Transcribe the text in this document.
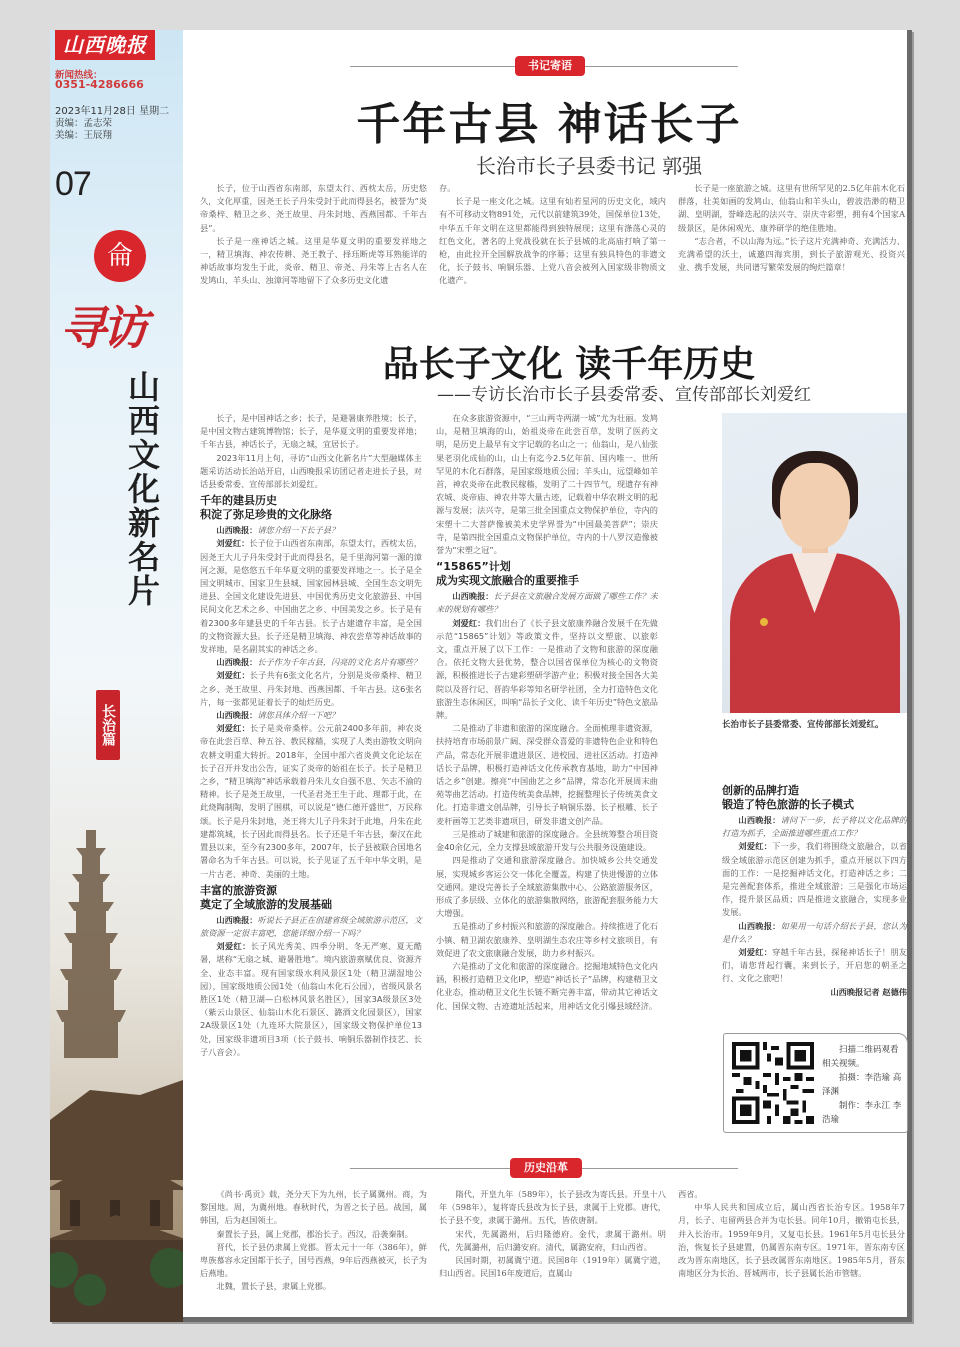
山西晚报
新闻热线：
0351-4286666
2023年11月28日 星期二
责编：孟志荣
美编：王辰翔
07
侖
寻访
山西文化新名片
长治篇
书记寄语
千年古县 神话长子
长治市长子县委书记 郭强

长子，位于山西省东南部，东望太行、西枕太岳，历史悠久，文化厚重，因尧王长子丹朱受封于此而得县名，被誉为“炎帝桑梓、精卫之乡、尧王故里、丹朱封地、西燕国都、千年古县”。

长子是一座神话之城。这里是华夏文明的重要发祥地之一，精卫填海、神农传耕、尧王教子、择珏断虎等耳熟能详的神话故事均发生于此，炎帝、精卫、帝尧、丹朱等上古名人在发鸠山、羊头山、浊漳河等地留下了众多历史文化遗

存。

长子是一座文化之城。这里有灿若星河的历史文化，域内有不可移动文物891处，元代以前建筑39处，国保单位13处，中华五千年文明在这里都能得到独特展现；这里有涤荡心灵的红色文化，著名的上党战役就在长子县城的北高庙打响了第一枪，由此拉开全国解放战争的序幕；这里有独具特色的非遗文化，长子鼓书、响铜乐器、上党八音会被列入国家级非物质文化遗产。

长子是一座旅游之城。这里有世所罕见的2.5亿年前木化石群落，壮美如画的发鸠山、仙翁山和羊头山，碧波浩渺的精卫湖、皇明湖，誉峰迭起的法兴寺、崇庆寺彩塑，拥有4个国家A级景区，是休闲观光、康养研学的绝佳胜地。

“志合者，不以山海为远。”长子这片充满神奇、充满活力、充满希望的沃土，诚邀四海宾朋，到长子旅游观光、投资兴业、携手发展，共同谱写繁荣发展的绚烂篇章！

品长子文化 读千年历史
——专访长治市长子县委常委、宣传部部长刘爱红

长子，是中国神话之乡；长子，是避暑康养胜境；长子，是中国文物古建筑博物馆；长子，是华夏文明的重要发祥地；千年古县，神话长子，无扇之城，宜居长子。

2023年11月上旬，寻访“山西文化新名片”大型融媒体主题采访活动长治站开启，山西晚报采访团记者走进长子县，对话县委常委、宣传部部长刘爱红。

千年的建县历史
积淀了弥足珍贵的文化脉络

山西晚报：请您介绍一下长子县？

刘爱红：长子位于山西省东南部，东望太行，西枕太岳，因尧王大儿子丹朱受封于此而得县名，是千里海河第一源的漳河之源，是悠悠五千年华夏文明的重要发祥地之一。长子是全国文明城市、国家卫生县城、国家园林县城、全国生态文明先进县、全国文化建设先进县、中国优秀历史文化旅游县、中国民间文化艺术之乡、中国曲艺之乡、中国美发之乡。长子是有着2300多年建县史的千年古县。长子古建遗存丰富，是全国的文物资源大县。长子还是精卫填海、神农尝草等神话故事的发祥地，是名副其实的神话之乡。

山西晚报：长子作为千年古县，闪亮的文化名片有哪些？

刘爱红：长子共有6张文化名片，分别是炎帝桑梓、精卫之乡、尧王故里、丹朱封地、西燕国都、千年古县。这6张名片，每一张都见证着长子的灿烂历史。

山西晚报：请您具体介绍一下吧？

刘爱红：长子是炎帝桑梓。公元前2400多年前，神农炎帝在此尝百草、种五谷、教民稼穑，实现了人类由游牧文明向农耕文明重大转折。2018年，全国中部六省炎黄文化论坛在长子召开并发出公告，证实了炎帝的始祖在长子。长子是精卫之乡，“精卫填海”神话承载着丹朱儿女自强不息、矢志不渝的精神。长子是尧王故里，一代圣君尧王生于此、理都于此，在此烧陶制陶，发明了围棋，可以说是“德仁德开盛世”，万民称颂。长子是丹朱封地，尧王将大儿子丹朱封于此地，丹朱在此建都筑城，长子因此而得县名。长子还是千年古县，秦汉在此置县以来，至今有2300多年，2007年，长子县被联合国地名署命名为千年古县。可以说，长子见证了五千年中华文明，是一片古老、神奇、美丽的土地。

丰富的旅游资源
奠定了全域旅游的发展基础

山西晚报：听说长子县正在创建省级全域旅游示范区，文旅资源一定很丰富吧，您能详细介绍一下吗？

刘爱红：长子风光秀美、四季分明、冬无严寒、夏无酷暑，堪称“无扇之城、避暑胜地”。境内旅游禀赋优良、资源齐全、业态丰富。现有国家级水利风景区1处（精卫湖湿地公园），国家级地质公园1处（仙翁山木化石公园），省级风景名胜区1处（精卫湖—白松林风景名胜区），国家3A级景区3处（紫云山景区、仙翁山木化石景区、潞酒文化园景区），国家2A级景区1处（九连环大院景区），国家级文物保护单位13处，国家级非遗项目3项（长子鼓书、响铜乐器制作技艺、长子八音会）。

在众多旅游资源中，“三山两寺两湖一城”尤为壮丽。发鸠山，是精卫填海的山，始祖炎帝在此尝百草，发明了医药文明，是历史上最早有文字记载的名山之一；仙翁山，是八仙张果老羽化成仙的山，山上有迄今2.5亿年前、国内唯一、世所罕见的木化石群落，是国家级地质公园；羊头山，远望峰如羊首，神农炎帝在此教民稼穑，发明了二十四节气，现遗存有神农城、炎帝庙、神农井等大量古迹，记载着中华农耕文明的起源与发展；法兴寺，是第三批全国重点文物保护单位，寺内的宋塑十二大菩萨像被美术史学界誉为“中国最美菩萨”；崇庆寺，是第四批全国重点文物保护单位，寺内的十八罗汉造像被誉为“宋塑之冠”。

“15865”计划
成为实现文旅融合的重要推手

山西晚报：长子县在文旅融合发展方面做了哪些工作？未来的规划有哪些？

刘爱红：我们出台了《长子县文旅康养融合发展千在先做示范“15865”计划》等政策文件，坚持以文塑旅、以旅彰文，重点开展了以下工作：一是推动了文物和旅游的深度融合。依托文物大县优势，整合以国省保单位为核心的文物资源，积极推进长子古建彩塑研学游产业；积极对接全国各大美院以及晋行记、晋韵华彩等知名研学社团，全力打造特色文化旅游生态休闲区，叫响“品长子文化、读千年历史”特色文旅品牌。

二是推动了非遗和旅游的深度融合。全面梳理非遗资源，扶持培育市场前景广阔、深受群众喜爱的非遗特色企业和特色产品，常态化开展非遗进景区、进校园、进社区活动。打造神话长子品牌，积极打造神话文化传承教育基地，助力“中国神话之乡”创建。擦亮“中国曲艺之乡”品牌，常态化开展周末曲苑等曲艺活动。打造传统美食品牌，挖掘整理长子传统美食文化。打造非遗文创品牌，引导长子响铜乐器、长子根雕、长子麦秆画等工艺类非遗项目，研发非遗文创产品。

三是推动了城建和旅游的深度融合。全县统筹整合项目资金40余亿元，全力支撑县域旅游开发与公共服务设施建设。

四是推动了交通和旅游深度融合。加快城乡公共交通发展，实现城乡客运公交一体化全覆盖，构建了快进慢游的立体交通网。建设完善长子全域旅游集散中心、公路旅游服务区，形成了多层级、立体化的旅游集散网络，旅游配套服务能力大大增强。

五是推动了乡村振兴和旅游的深度融合。持续推进了化石小镇、精卫湖农旅康养、皇明湖生态农庄等乡村文旅项目，有效促进了农文旅康融合发展，助力乡村振兴。

六是推动了文化和旅游的深度融合。挖掘地域特色文化内涵，积极打造精卫文化IP，塑造“神话长子”品牌，构建精卫文化业态，推动精卫文化生长链不断完善丰富，带动其它神话文化、国保文物、古迹遗址活起来，用神话文化引爆县域经济。

长治市长子县委常委、宣传部部长刘爱红。
创新的品牌打造
锻造了特色旅游的长子模式

山西晚报：请问下一步，长子将以文化品牌的打造为抓手，全面推进哪些重点工作？

刘爱红：下一步，我们将围绕文旅融合，以省级全域旅游示范区创建为抓手，重点开展以下四方面的工作：一是挖掘神话文化，打造神话之乡；二是完善配套体系，推进全域旅游；三是强化市场运作，提升景区品质；四是推进文旅融合，实现多业发展。

山西晚报：如果用一句话介绍长子县，您认为是什么？

刘爱红：穿越千年古县，探秘神话长子！朋友们，请您背起行囊，来到长子，开启您的朝圣之行、文化之旅吧！

山西晚报记者 赵德伟

扫描二维码观看相关视频。

拍摄：李浩瑜 高泽渊

制作：李永江 李浩瑜

历史沿革

《尚书·禹贡》载，尧分天下为九州，长子属冀州。商，为黎国地。周，为冀州地。春秋时代，为晋之长子邑。战国，属韩国，后为赵国领土。

秦置长子县，属上党郡，郡治长子。西汉，沿袭秦制。

晋代，长子县仍隶属上党郡。晋太元十一年（386年），鲜卑族慕容永定国都于长子，国号西燕，9年后西燕被灭，长子为后燕地。

北魏，置长子县，隶属上党郡。

隋代，开皇九年（589年），长子县改为寄氏县。开皇十八年（598年），复将寄氏县改为长子县，隶属于上党郡。唐代，长子县不变，隶属于潞州。五代，皆依唐制。

宋代，先属潞州，后归隆德府。金代，隶属于潞州。明代，先属潞州，后归潞安府。清代，属潞安府，归山西省。

民国时期，初属冀宁道。民国8年（1919年）属冀宁道，归山西省。民国16年废道后，直属山

西省。

中华人民共和国成立后，属山西省长治专区。1958年7月，长子、屯留两县合并为屯长县。同年10月，撤销屯长县，并入长治市。1959年9月，又复屯长县。1961年5月屯长县分治，恢复长子县建置，仍属晋东南专区。1971年，晋东南专区改为晋东南地区，长子县改属晋东南地区。1985年5月，晋东南地区分为长治、晋城两市，长子县属长治市管辖。
